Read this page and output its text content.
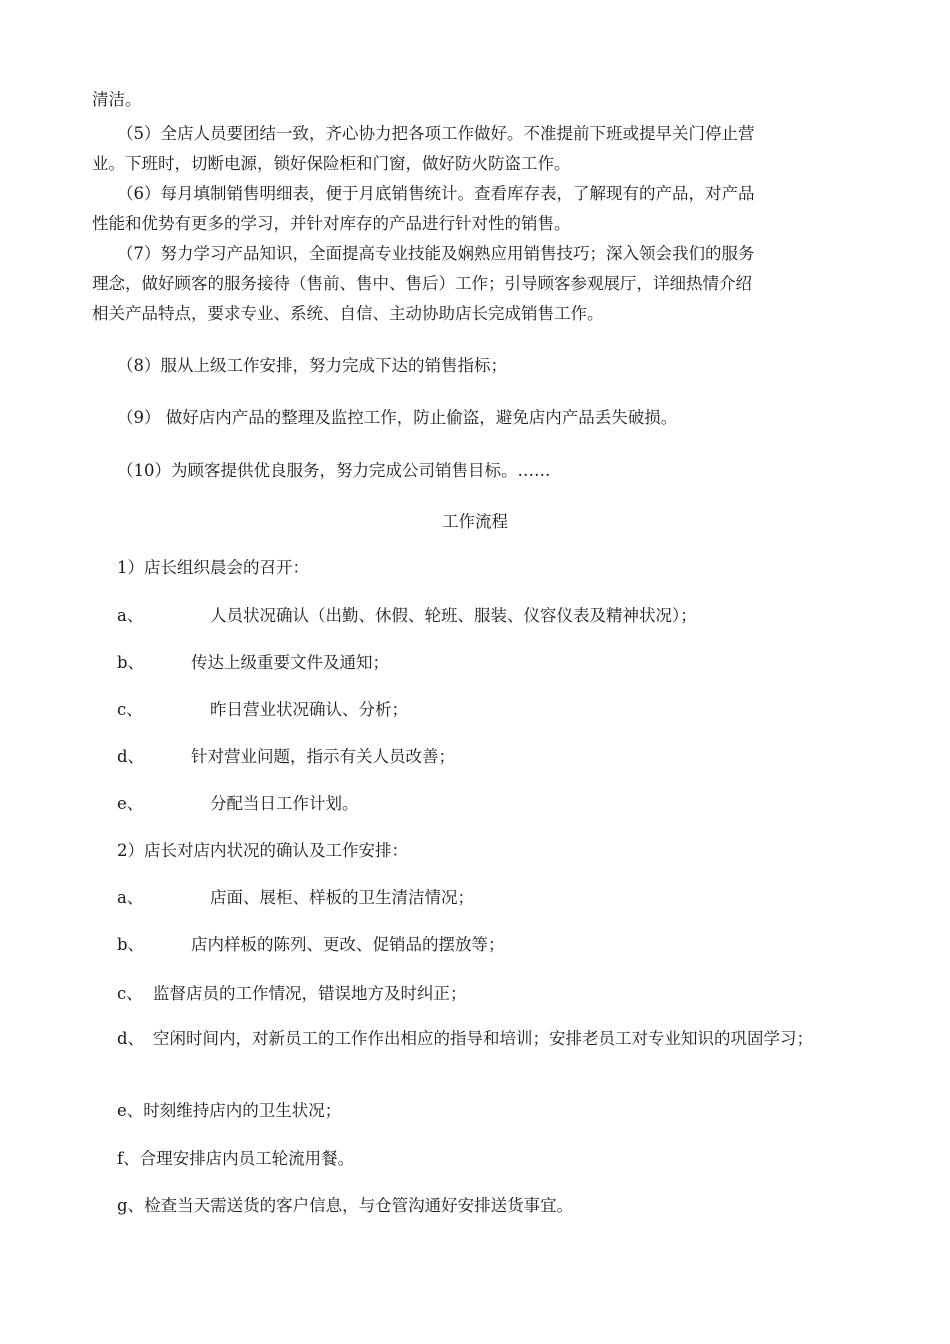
清洁。
（5）全店人员要团结一致，齐心协力把各项工作做好。不准提前下班或提早关门停止营
业。下班时，切断电源，锁好保险柜和门窗，做好防火防盗工作。
（6）每月填制销售明细表，便于月底销售统计。查看库存表，了解现有的产品，对产品
性能和优势有更多的学习，并针对库存的产品进行针对性的销售。
（7）努力学习产品知识，全面提高专业技能及娴熟应用销售技巧；深入领会我们的服务
理念，做好顾客的服务接待（售前、售中、售后）工作；引导顾客参观展厅，详细热情介绍
相关产品特点，要求专业、系统、自信、主动协助店长完成销售工作。
（8）服从上级工作安排，努力完成下达的销售指标；
（9） 做好店内产品的整理及监控工作，防止偷盗，避免店内产品丢失破损。
（10）为顾客提供优良服务，努力完成公司销售目标。……
工作流程
1）店长组织晨会的召开：
a、	人员状况确认（出勤、休假、轮班、服装、仪容仪表及精神状况）；
b、	传达上级重要文件及通知；
c、	昨日营业状况确认、分析；
d、	针对营业问题，指示有关人员改善；
e、	分配当日工作计划。
2）店长对店内状况的确认及工作安排：
a、	店面、展柜、样板的卫生清洁情况；
b、	店内样板的陈列、更改、促销品的摆放等；
c、 监督店员的工作情况，错误地方及时纠正；
d、 空闲时间内，对新员工的工作作出相应的指导和培训；安排老员工对专业知识的巩固学习；
e、时刻维持店内的卫生状况；
f、合理安排店内员工轮流用餐。
g、检查当天需送货的客户信息，与仓管沟通好安排送货事宜。
